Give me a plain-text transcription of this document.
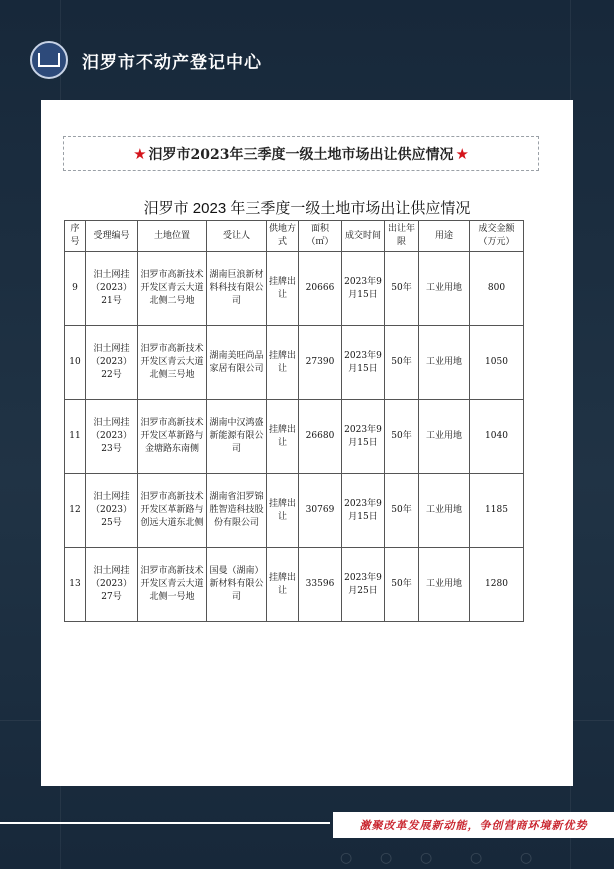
汨罗市不动产登记中心
★ 汨罗市2023年三季度一级土地市场出让供应情况 ★
汨罗市 2023 年三季度一级土地市场出让供应情况
序号	受理编号	土地位置	受让人	供地方式	面积（㎡）	成交时间	出让年限	用途	成交金额（万元）
9	汨土网挂（2023）21号	汨罗市高新技术开发区青云大道北侧二号地	湖南巨浪新材料科技有限公司	挂牌出让	20666	2023年9月15日	50年	工业用地	800
10	汨土网挂（2023）22号	汨罗市高新技术开发区青云大道北侧三号地	湖南美旺尚品家居有限公司	挂牌出让	27390	2023年9月15日	50年	工业用地	1050
11	汨土网挂（2023）23号	汨罗市高新技术开发区革新路与金塘路东南侧	湖南中汉鸿盛新能源有限公司	挂牌出让	26680	2023年9月15日	50年	工业用地	1040
12	汨土网挂（2023）25号	汨罗市高新技术开发区革新路与创远大道东北侧	湖南省汨罗锦胜智造科技股份有限公司	挂牌出让	30769	2023年9月15日	50年	工业用地	1185
13	汨土网挂（2023）27号	汨罗市高新技术开发区青云大道北侧一号地	国曼（湖南）新材料有限公司	挂牌出让	33596	2023年9月25日	50年	工业用地	1280
激聚改革发展新动能，争创营商环境新优势
○ ○ ○	○	○
